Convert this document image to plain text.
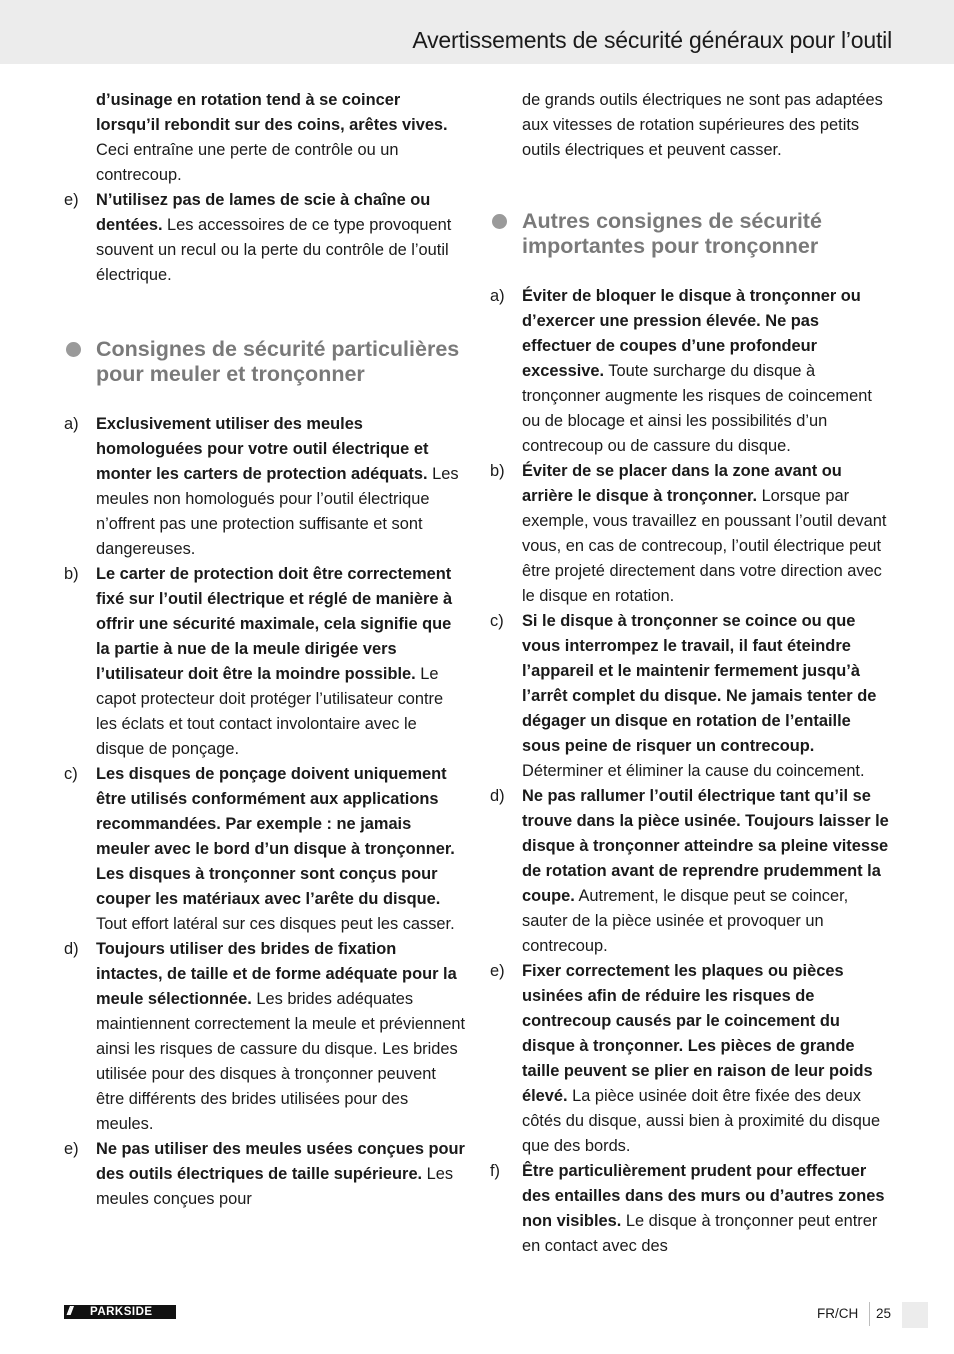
Avertissements de sécurité généraux pour l’outil
d’usinage en rotation tend à se coincer lorsqu’il rebondit sur des coins, arêtes vives. Ceci entraîne une perte de contrôle ou un contrecoup.
e) N’utilisez pas de lames de scie à chaîne ou dentées. Les accessoires de ce type provoquent souvent un recul ou la perte du contrôle de l’outil électrique.
Consignes de sécurité particulières pour meuler et tronçonner
a) Exclusivement utiliser des meules homologuées pour votre outil électrique et monter les carters de protection adéquats. Les meules non homologués pour l’outil électrique n’offrent pas une protection suffisante et sont dangereuses.
b) Le carter de protection doit être correctement fixé sur l’outil électrique et réglé de manière à offrir une sécurité maximale, cela signifie que la partie à nue de la meule dirigée vers l’utilisateur doit être la moindre possible. Le capot protecteur doit protéger l’utilisateur contre les éclats et tout contact involontaire avec le disque de ponçage.
c) Les disques de ponçage doivent uniquement être utilisés conformément aux applications recommandées. Par exemple : ne jamais meuler avec le bord d’un disque à tronçonner. Les disques à tronçonner sont conçus pour couper les matériaux avec l’arête du disque. Tout effort latéral sur ces disques peut les casser.
d) Toujours utiliser des brides de fixation intactes, de taille et de forme adéquate pour la meule sélectionnée. Les brides adéquates maintiennent correctement la meule et préviennent ainsi les risques de cassure du disque. Les brides utilisée pour des disques à tronçonner peuvent être différents des brides utilisées pour des meules.
e) Ne pas utiliser des meules usées conçues pour des outils électriques de taille supérieure. Les meules conçues pour
de grands outils électriques ne sont pas adaptées aux vitesses de rotation supérieures des petits outils électriques et peuvent casser.
Autres consignes de sécurité importantes pour tronçonner
a) Éviter de bloquer le disque à tronçonner ou d’exercer une pression élevée. Ne pas effectuer de coupes d’une profondeur excessive. Toute surcharge du disque à tronçonner augmente les risques de coincement ou de blocage et ainsi les possibilités d’un contrecoup ou de cassure du disque.
b) Éviter de se placer dans la zone avant ou arrière le disque à tronçonner. Lorsque par exemple, vous travaillez en poussant l’outil devant vous, en cas de contrecoup, l’outil électrique peut être projeté directement dans votre direction avec le disque en rotation.
c) Si le disque à tronçonner se coince ou que vous interrompez le travail, il faut éteindre l’appareil et le maintenir fermement jusqu’à l’arrêt complet du disque. Ne jamais tenter de dégager un disque en rotation de l’entaille sous peine de risquer un contrecoup. Déterminer et éliminer la cause du coincement.
d) Ne pas rallumer l’outil électrique tant qu’il se trouve dans la pièce usinée. Toujours laisser le disque à tronçonner atteindre sa pleine vitesse de rotation avant de reprendre prudemment la coupe. Autrement, le disque peut se coincer, sauter de la pièce usinée et provoquer un contrecoup.
e) Fixer correctement les plaques ou pièces usinées afin de réduire les risques de contrecoup causés par le coincement du disque à tronçonner. Les pièces de grande taille peuvent se plier en raison de leur poids élevé. La pièce usinée doit être fixée des deux côtés du disque, aussi bien à proximité du disque que des bords.
f) Être particulièrement prudent pour effectuer des entailles dans des murs ou d’autres zones non visibles. Le disque à tronçonner peut entrer en contact avec des
/// PARKSIDE	FR/CH 25
